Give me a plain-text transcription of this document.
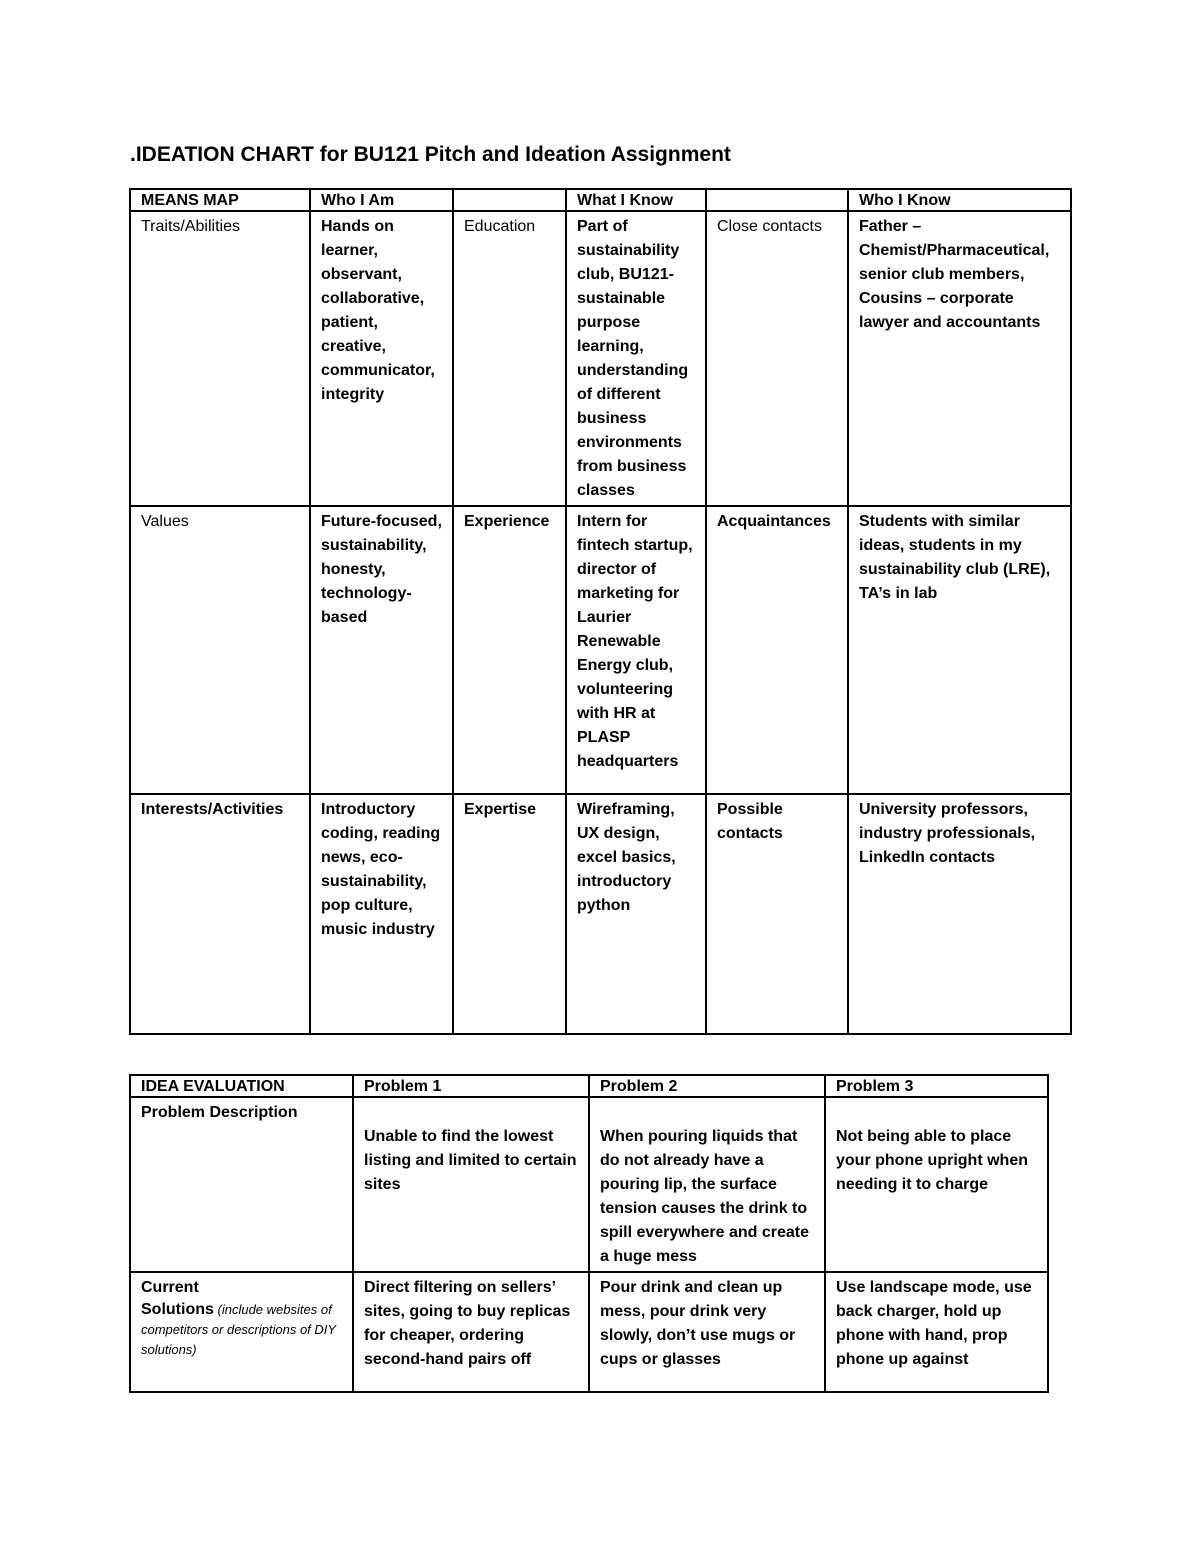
.IDEATION CHART for BU121 Pitch and Ideation Assignment
MEANS MAP	Who I Am		What I Know		Who I Know
Traits/Abilities	Hands on learner, observant, collaborative, patient, creative, communicator, integrity	Education	Part of sustainability club, BU121-sustainable purpose learning, understanding of different business environments from business classes	Close contacts	Father – Chemist/Pharmaceutical, senior club members, Cousins – corporate lawyer and accountants
Values	Future-focused, sustainability, honesty, technology-based	Experience	Intern for fintech startup, director of marketing for Laurier Renewable Energy club, volunteering with HR at PLASP headquarters	Acquaintances	Students with similar ideas, students in my sustainability club (LRE), TA’s in lab
Interests/Activities	Introductory coding, reading news, eco-sustainability, pop culture, music industry	Expertise	Wireframing, UX design, excel basics, introductory python	Possible contacts	University professors, industry professionals, LinkedIn contacts
IDEA EVALUATION	Problem 1	Problem 2	Problem 3
Problem Description	Unable to find the lowest listing and limited to certain sites	When pouring liquids that do not already have a pouring lip, the surface tension causes the drink to spill everywhere and create a huge mess	Not being able to place your phone upright when needing it to charge

Current
Solutions (include websites of competitors or descriptions of DIY solutions)	Direct filtering on sellers’ sites, going to buy replicas for cheaper, ordering second-hand pairs off	Pour drink and clean up mess, pour drink very slowly, don’t use mugs or cups or glasses	Use landscape mode, use back charger, hold up phone with hand, prop phone up against
